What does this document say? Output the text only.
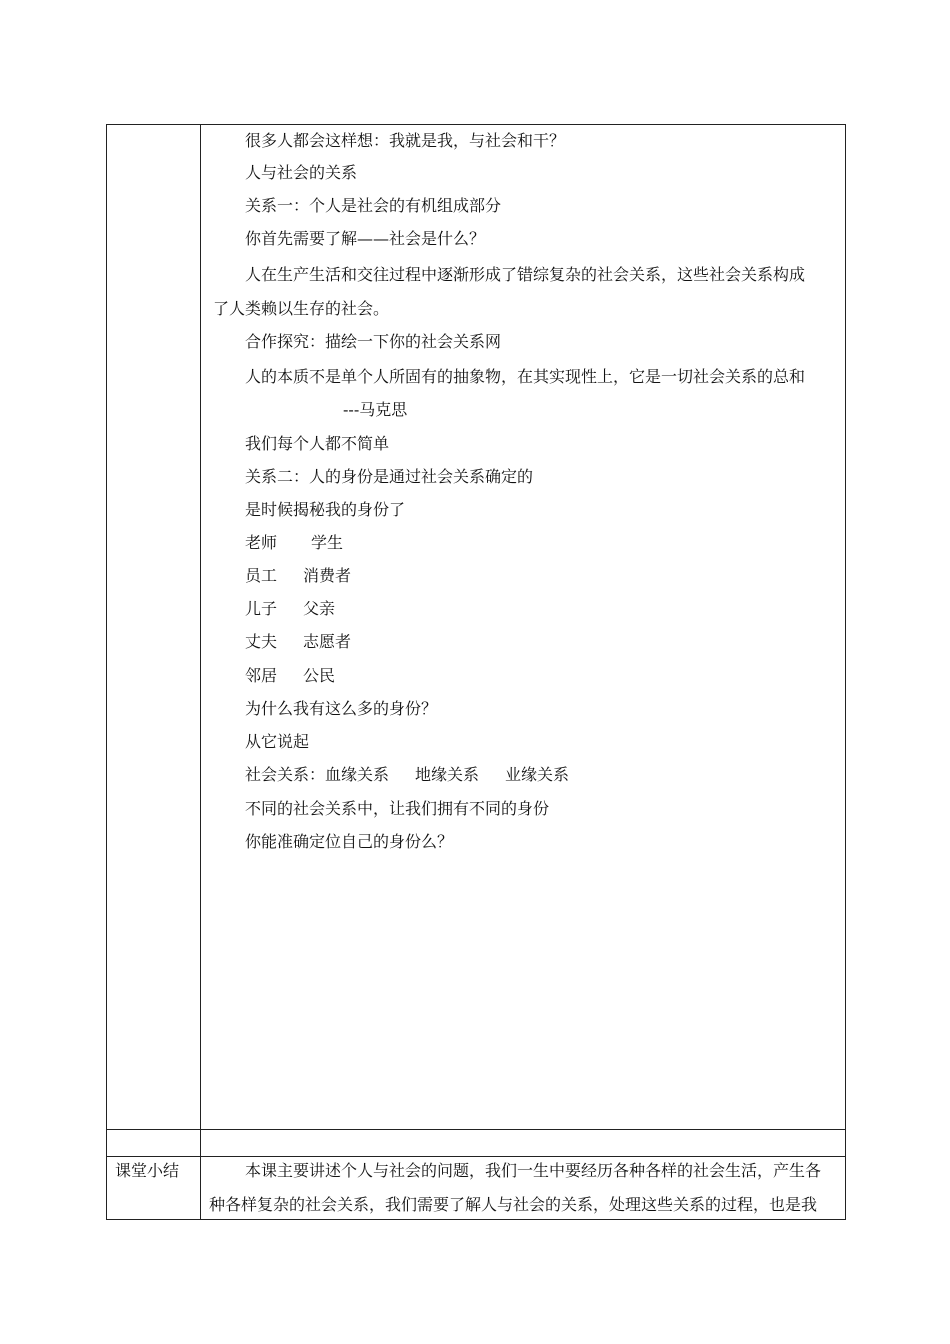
很多人都会这样想：我就是我，与社会和干？
人与社会的关系
关系一：个人是社会的有机组成部分
你首先需要了解——社会是什么？
人在生产生活和交往过程中逐渐形成了错综复杂的社会关系，这些社会关系构成
了人类赖以生存的社会。
合作探究：描绘一下你的社会关系网
人的本质不是单个人所固有的抽象物，在其实现性上，它是一切社会关系的总和
---马克思
我们每个人都不简单
关系二：人的身份是通过社会关系确定的
是时候揭秘我的身份了
老师 学生
员工 消费者
儿子 父亲
丈夫 志愿者
邻居 公民
为什么我有这么多的身份？
从它说起
社会关系：血缘关系 地缘关系 业缘关系
不同的社会关系中，让我们拥有不同的身份
你能准确定位自己的身份么？
课堂小结	本课主要讲述个人与社会的问题，我们一生中要经历各种各样的社会生活，产生各
种各样复杂的社会关系，我们需要了解人与社会的关系，处理这些关系的过程，也是我
